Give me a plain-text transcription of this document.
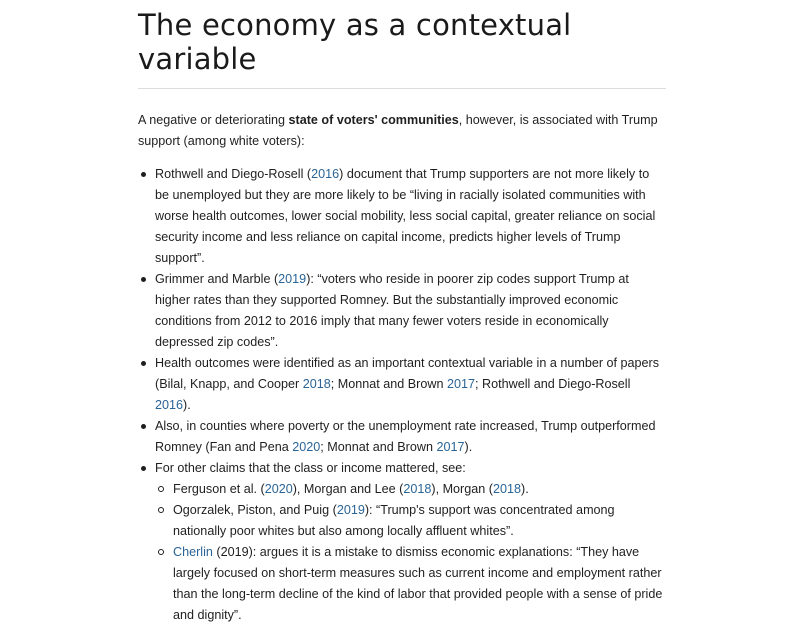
The economy as a contextual variable

A negative or deteriorating state of voters' communities, however, is associated with Trump support (among white voters):

Rothwell and Diego-Rosell (2016) document that Trump supporters are not more likely to be unemployed but they are more likely to be “living in racially isolated communities with worse health outcomes, lower social mobility, less social capital, greater reliance on social security income and less reliance on capital income, predicts higher levels of Trump support”.
Grimmer and Marble (2019): “voters who reside in poorer zip codes support Trump at higher rates than they supported Romney. But the substantially improved economic conditions from 2012 to 2016 imply that many fewer voters reside in economically depressed zip codes”.
Health outcomes were identified as an important contextual variable in a number of papers (Bilal, Knapp, and Cooper 2018; Monnat and Brown 2017; Rothwell and Diego-Rosell 2016).
Also, in counties where poverty or the unemployment rate increased, Trump outperformed Romney (Fan and Pena 2020; Monnat and Brown 2017).
For other claims that the class or income mattered, see:
Ferguson et al. (2020), Morgan and Lee (2018), Morgan (2018).
Ogorzalek, Piston, and Puig (2019): “Trump's support was concentrated among nationally poor whites but also among locally affluent whites”.
Cherlin (2019): argues it is a mistake to dismiss economic explanations: “They have largely focused on short-term measures such as current income and employment rather than the long-term decline of the kind of labor that provided people with a sense of pride and dignity”.
